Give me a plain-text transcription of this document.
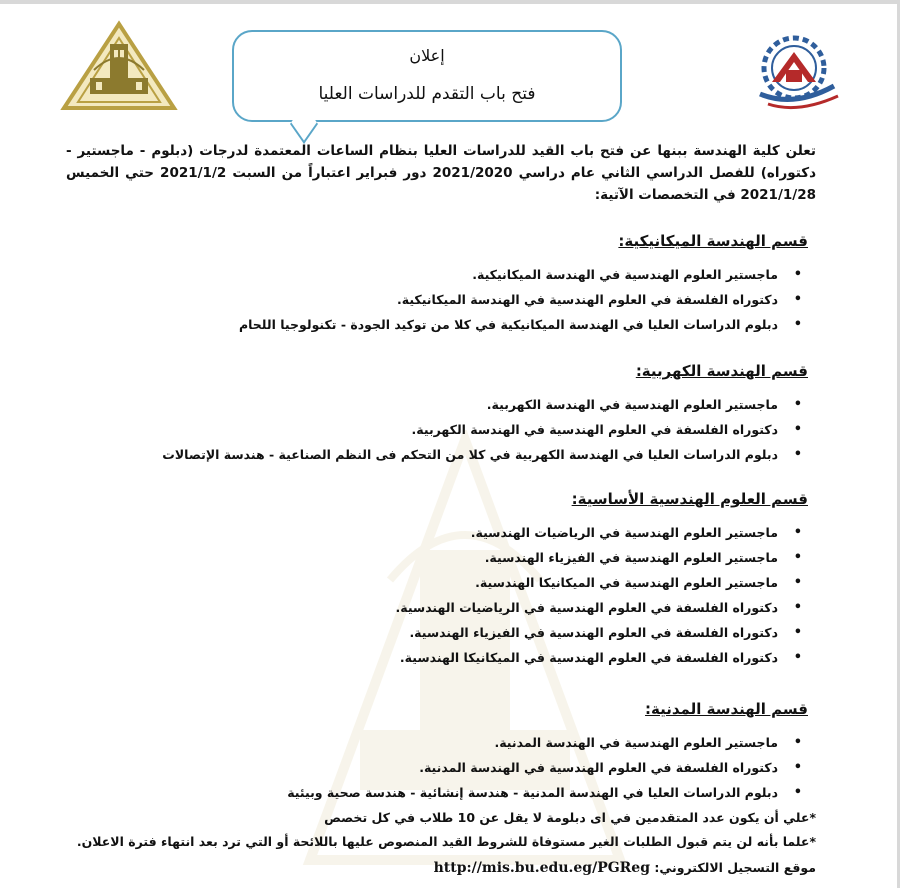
إعلان
فتح باب التقدم للدراسات العليا

تعلن كلية الهندسة ببنها عن فتح باب القيد للدراسات العليا بنظام الساعات المعتمدة لدرجات (دبلوم - ماجستير - دكتوراه) للفصل الدراسي الثاني عام دراسي 2021/2020 دور فبراير اعتباراً من السبت 2021/1/2 حتي الخميس 2021/1/28 في التخصصات الآتية:

قسم الهندسة الميكانيكية:
• ماجستير العلوم الهندسية في الهندسة الميكانيكية.
• دكتوراه الفلسفة في العلوم الهندسية في الهندسة الميكانيكية.
• دبلوم الدراسات العليا في الهندسة الميكانيكية في كلا من توكيد الجودة - تكنولوجيا اللحام
قسم الهندسة الكهربية:
• ماجستير العلوم الهندسية في الهندسة الكهربية.
• دكتوراه الفلسفة في العلوم الهندسية في الهندسة الكهربية.
• دبلوم الدراسات العليا في الهندسة الكهربية في كلا من التحكم فى النظم الصناعية - هندسة الإتصالات
قسم العلوم الهندسية الأساسية:
• ماجستير العلوم الهندسية في الرياضيات الهندسية.
• ماجستير العلوم الهندسية في الفيزياء الهندسية.
• ماجستير العلوم الهندسية في الميكانيكا الهندسية.
• دكتوراه الفلسفة في العلوم الهندسية في الرياضيات الهندسية.
• دكتوراه الفلسفة في العلوم الهندسية في الفيزياء الهندسية.
• دكتوراه الفلسفة في العلوم الهندسية في الميكانيكا الهندسية.
قسم الهندسة المدنية:
• ماجستير العلوم الهندسية في الهندسة المدنية.
• دكتوراه الفلسفة في العلوم الهندسية في الهندسة المدنية.
• دبلوم الدراسات العليا في الهندسة المدنية - هندسة إنشائية - هندسة صحية وبيئية

*علي أن يكون عدد المتقدمين في اى دبلومة لا يقل عن 10 طلاب في كل تخصص

*علما بأنه لن يتم قبول الطلبات الغير مستوفاة للشروط القيد المنصوص عليها باللائحة أو التي ترد بعد انتهاء فترة الاعلان.

موقع التسجيل الالكتروني: http://mis.bu.edu.eg/PGReg
